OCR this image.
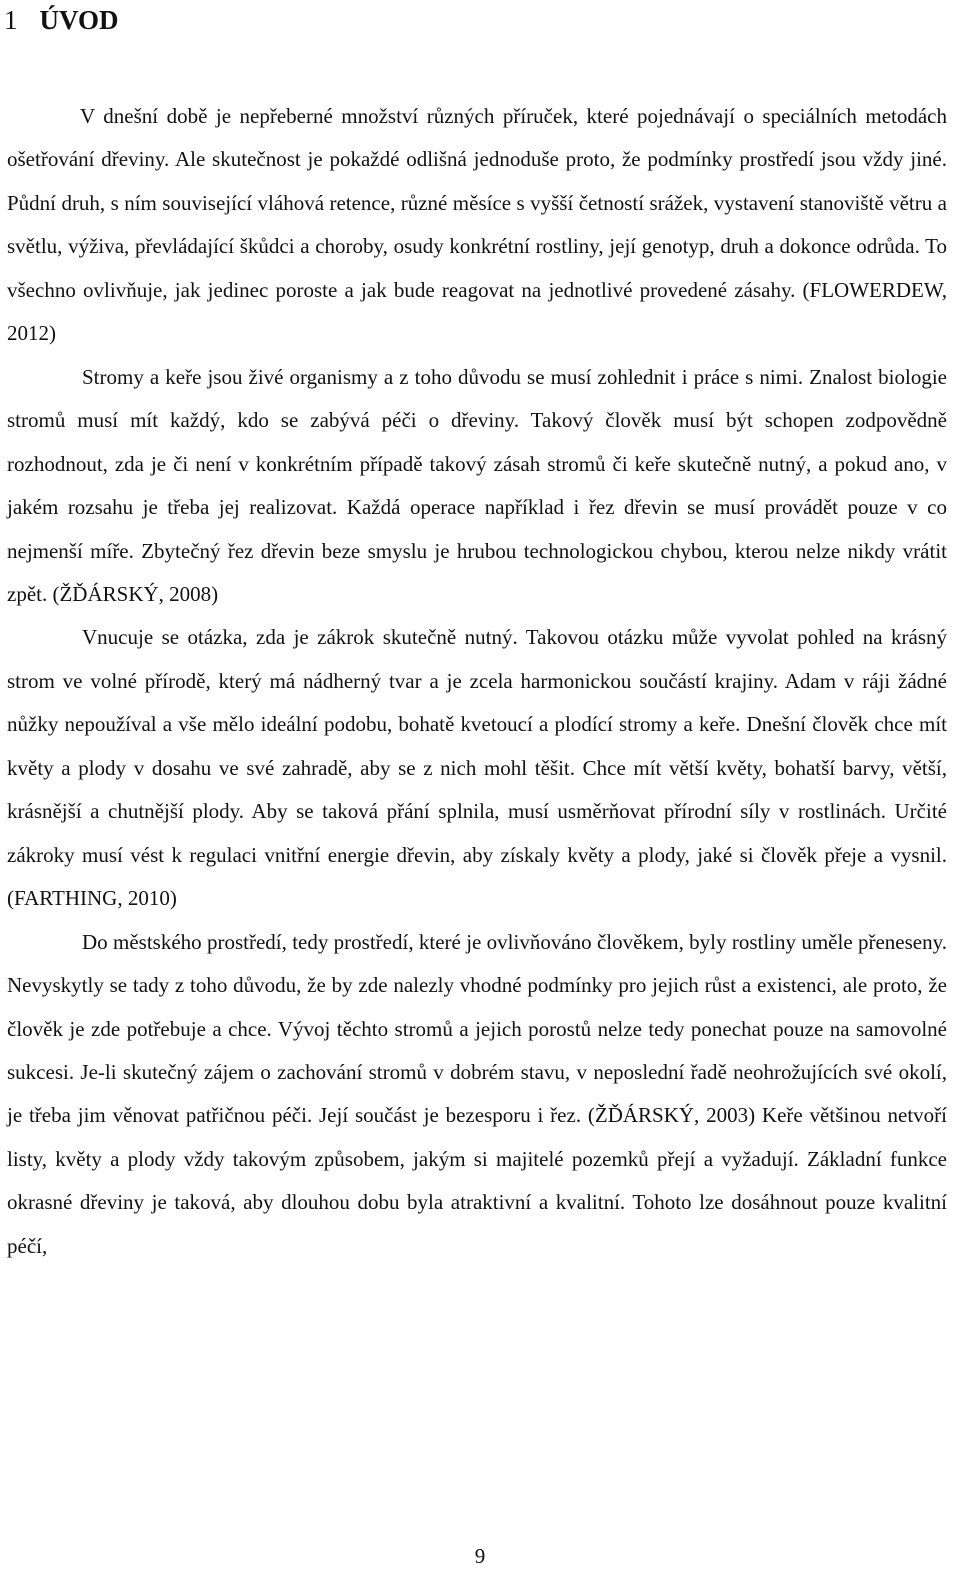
1 ÚVOD

V dnešní době je nepřeberné množství různých příruček, které pojednávají o speciálních metodách ošetřování dřeviny. Ale skutečnost je pokaždé odlišná jednoduše proto, že podmínky prostředí jsou vždy jiné. Půdní druh, s ním související vláhová retence, různé měsíce s vyšší četností srážek, vystavení stanoviště větru a světlu, výživa, převládající škůdci a choroby, osudy konkrétní rostliny, její genotyp, druh a dokonce odrůda. To všechno ovlivňuje, jak jedinec poroste a jak bude reagovat na jednotlivé provedené zásahy. (FLOWERDEW, 2012)

Stromy a keře jsou živé organismy a z toho důvodu se musí zohlednit i práce s nimi. Znalost biologie stromů musí mít každý, kdo se zabývá péči o dřeviny. Takový člověk musí být schopen zodpovědně rozhodnout, zda je či není v konkrétním případě takový zásah stromů či keře skutečně nutný, a pokud ano, v jakém rozsahu je třeba jej realizovat. Každá operace například i řez dřevin se musí provádět pouze v co nejmenší míře. Zbytečný řez dřevin beze smyslu je hrubou technologickou chybou, kterou nelze nikdy vrátit zpět. (ŽĎÁRSKÝ, 2008)

Vnucuje se otázka, zda je zákrok skutečně nutný. Takovou otázku může vyvolat pohled na krásný strom ve volné přírodě, který má nádherný tvar a je zcela harmonickou součástí krajiny. Adam v ráji žádné nůžky nepoužíval a vše mělo ideální podobu, bohatě kvetoucí a plodící stromy a keře. Dnešní člověk chce mít květy a plody v dosahu ve své zahradě, aby se z nich mohl těšit. Chce mít větší květy, bohatší barvy, větší, krásnější a chutnější plody. Aby se taková přání splnila, musí usměrňovat přírodní síly v rostlinách. Určité zákroky musí vést k regulaci vnitřní energie dřevin, aby získaly květy a plody, jaké si člověk přeje a vysnil. (FARTHING, 2010)

Do městského prostředí, tedy prostředí, které je ovlivňováno člověkem, byly rostliny uměle přeneseny. Nevyskytly se tady z toho důvodu, že by zde nalezly vhodné podmínky pro jejich růst a existenci, ale proto, že člověk je zde potřebuje a chce. Vývoj těchto stromů a jejich porostů nelze tedy ponechat pouze na samovolné sukcesi. Je-li skutečný zájem o zachování stromů v dobrém stavu, v neposlední řadě neohrožujících své okolí, je třeba jim věnovat patřičnou péči. Její součást je bezesporu i řez. (ŽĎÁRSKÝ, 2003) Keře většinou netvoří listy, květy a plody vždy takovým způsobem, jakým si majitelé pozemků přejí a vyžadují. Základní funkce okrasné dřeviny je taková, aby dlouhou dobu byla atraktivní a kvalitní. Tohoto lze dosáhnout pouze kvalitní péčí,

9
